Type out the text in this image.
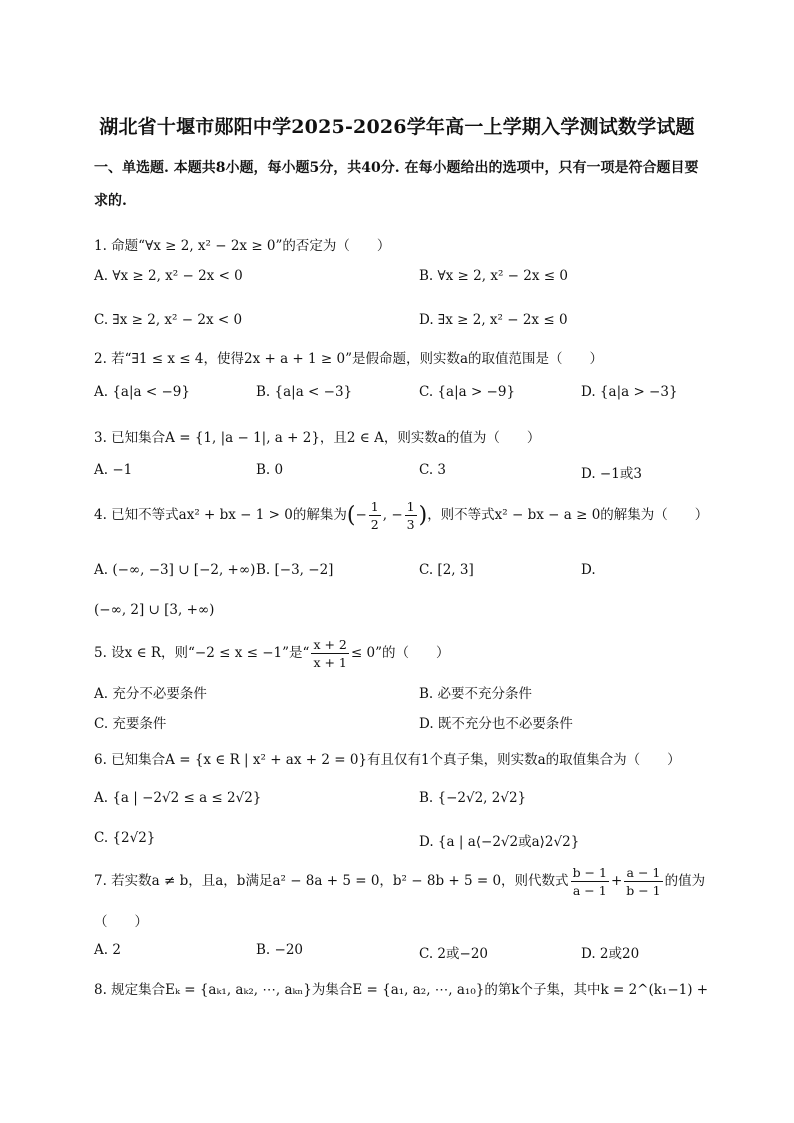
湖北省十堰市郧阳中学2025-2026学年高一上学期入学测试数学试题
一、单选题. 本题共8小题，每小题5分，共40分. 在每小题给出的选项中，只有一项是符合题目要求的.
1. 命题“∀x ≥ 2, x² − 2x ≥ 0”的否定为（　　）
A. ∀x ≥ 2, x² − 2x < 0	B. ∀x ≥ 2, x² − 2x ≤ 0
C. ∃x ≥ 2, x² − 2x < 0	D. ∃x ≥ 2, x² − 2x ≤ 0
2. 若“∃1 ≤ x ≤ 4，使得2x + a + 1 ≥ 0”是假命题，则实数a的取值范围是（　　）
A. {a|a < −9}	B. {a|a < −3}	C. {a|a > −9}	D. {a|a > −3}
3. 已知集合A = {1, |a − 1|, a + 2}，且2 ∈ A，则实数a的值为（　　）
A. −1	B. 0	C. 3	D. −1或3
4. 已知不等式ax² + bx − 1 > 0的解集为(− $\frac{1}{2}$ , − $\frac{1}{3}$ )，则不等式x² − bx − a ≥ 0的解集为（　　）
A. (−∞, −3] ∪ [−2, +∞) B. [−3, −2]	C. [2, 3]	D.
(−∞, 2] ∪ [3, +∞)
5. 设x ∈ R，则“−2 ≤ x ≤ −1”是“ $\frac{x + 2}{x + 1} \le 0$”的（　　）
A. 充分不必要条件	B. 必要不充分条件
C. 充要条件	D. 既不充分也不必要条件
6. 已知集合A = {x ∈ R | x² + ax + 2 = 0}有且仅有1个真子集，则实数a的取值集合为（　　）
A. {a | −2√2 ≤ a ≤ 2√2}	B. {−2√2, 2√2}
C. {2√2}	D. {a | a⟨−2√2或a⟩2√2}
7. 若实数a ≠ b，且a，b满足a² − 8a + 5 = 0，b² − 8b + 5 = 0，则代数式 $\frac{b - 1}{a - 1} + \frac{a - 1}{b - 1}$ 的值为
（　　）
A. 2	B. −20	C. 2或−20	D. 2或20
8. 规定集合Eₖ = {aₖ₁, aₖ₂, ⋯, aₖₙ}为集合E = {a₁, a₂, ⋯, a₁₀}的第k个子集，其中k = 2^(k₁−1) +
